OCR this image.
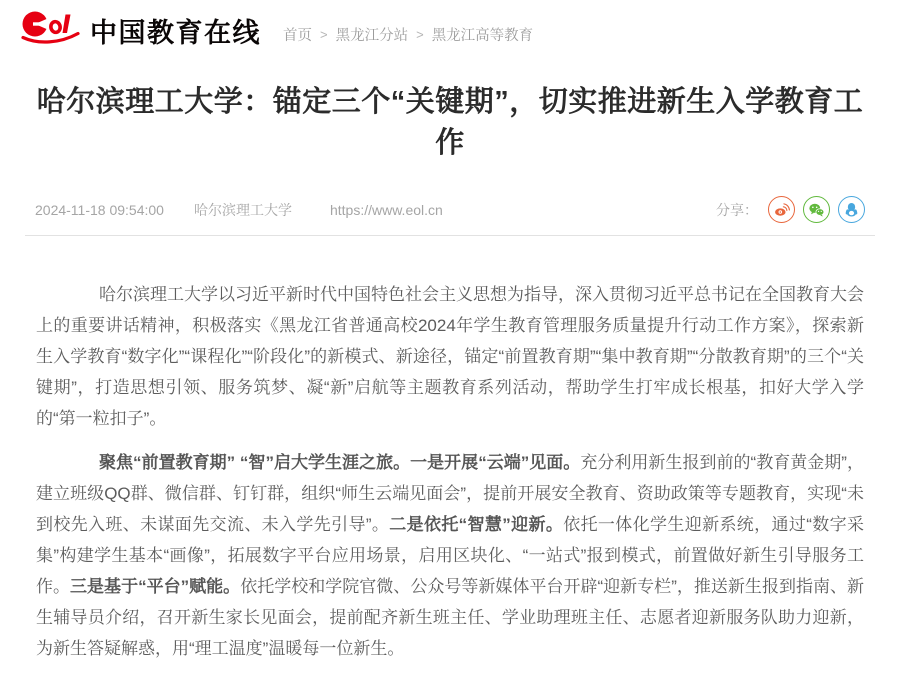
中国教育在线 首页 > 黑龙江分站 > 黑龙江高等教育
哈尔滨理工大学：锚定三个“关键期”，切实推进新生入学教育工作
2024-11-18 09:54:00 哈尔滨理工大学	https://www.eol.cn	分享：

哈尔滨理工大学以习近平新时代中国特色社会主义思想为指导，深入贯彻习近平总书记在全国教育大会上的重要讲话精神，积极落实《黑龙江省普通高校2024年学生教育管理服务质量提升行动工作方案》，探索新生入学教育“数字化”“课程化”“阶段化”的新模式、新途径，锚定“前置教育期”“集中教育期”“分散教育期”的三个“关键期”，打造思想引领、服务筑梦、凝“新”启航等主题教育系列活动，帮助学生打牢成长根基，扣好大学入学的“第一粒扣子”。

聚焦“前置教育期” “智”启大学生涯之旅。一是开展“云端”见面。充分利用新生报到前的“教育黄金期”，建立班级QQ群、微信群、钉钉群，组织“师生云端见面会”，提前开展安全教育、资助政策等专题教育，实现“未到校先入班、未谋面先交流、未入学先引导”。二是依托“智慧”迎新。依托一体化学生迎新系统，通过“数字采集”构建学生基本“画像”，拓展数字平台应用场景，启用区块化、“一站式”报到模式，前置做好新生引导服务工作。三是基于“平台”赋能。依托学校和学院官微、公众号等新媒体平台开辟“迎新专栏”，推送新生报到指南、新生辅导员介绍，召开新生家长见面会，提前配齐新生班主任、学业助理班主任、志愿者迎新服务队助力迎新，为新生答疑解惑，用“理工温度”温暖每一位新生。
